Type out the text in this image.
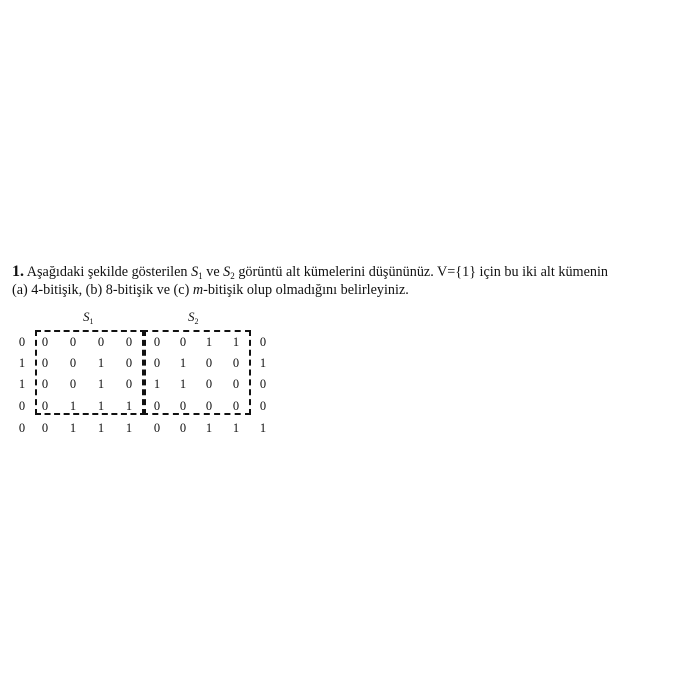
1. Aşağıdaki şekilde gösterilen $S_1$ ve $S_2$ görüntü alt kümelerini düşününüz. V={1} için bu iki alt kümenin
(a) 4-bitişik, (b) 8-bitişik ve (c) m-bitişik olup olmadığını belirleyiniz.
$S_1$	$S_2$
0	0	0	0	0	0	0	1	1	0
1	0	0	1	0	0	1	0	0	1
1	0	0	1	0	1	1	0	0	0
0	0	1	1	1	0	0	0	0	0
0	0	1	1	1	0	0	1	1	1
